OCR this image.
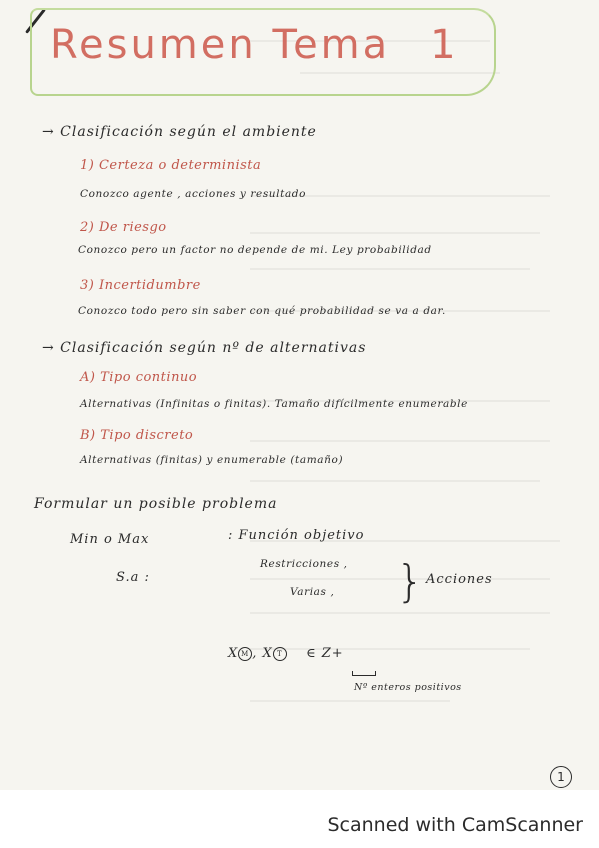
Resumen Tema 1
→ Clasificación según el ambiente
1) Certeza o determinista
Conozco agente , acciones y resultado
2) De riesgo
Conozco pero un factor no depende de mi. Ley probabilidad
3) Incertidumbre
Conozco todo pero sin saber con qué probabilidad se va a dar.
→ Clasificación según nº de alternativas
A) Tipo continuo
Alternativas (Infinitas o finitas). Tamaño difícilmente enumerable
B) Tipo discreto
Alternativas (finitas) y enumerable (tamaño)
Formular un posible problema
Min o Max	: Función objetivo
S.a :
Restricciones ,
Varias , } Acciones
X M , X T ∈ Z+
Nº enteros positivos
1
Scanned with CamScanner
